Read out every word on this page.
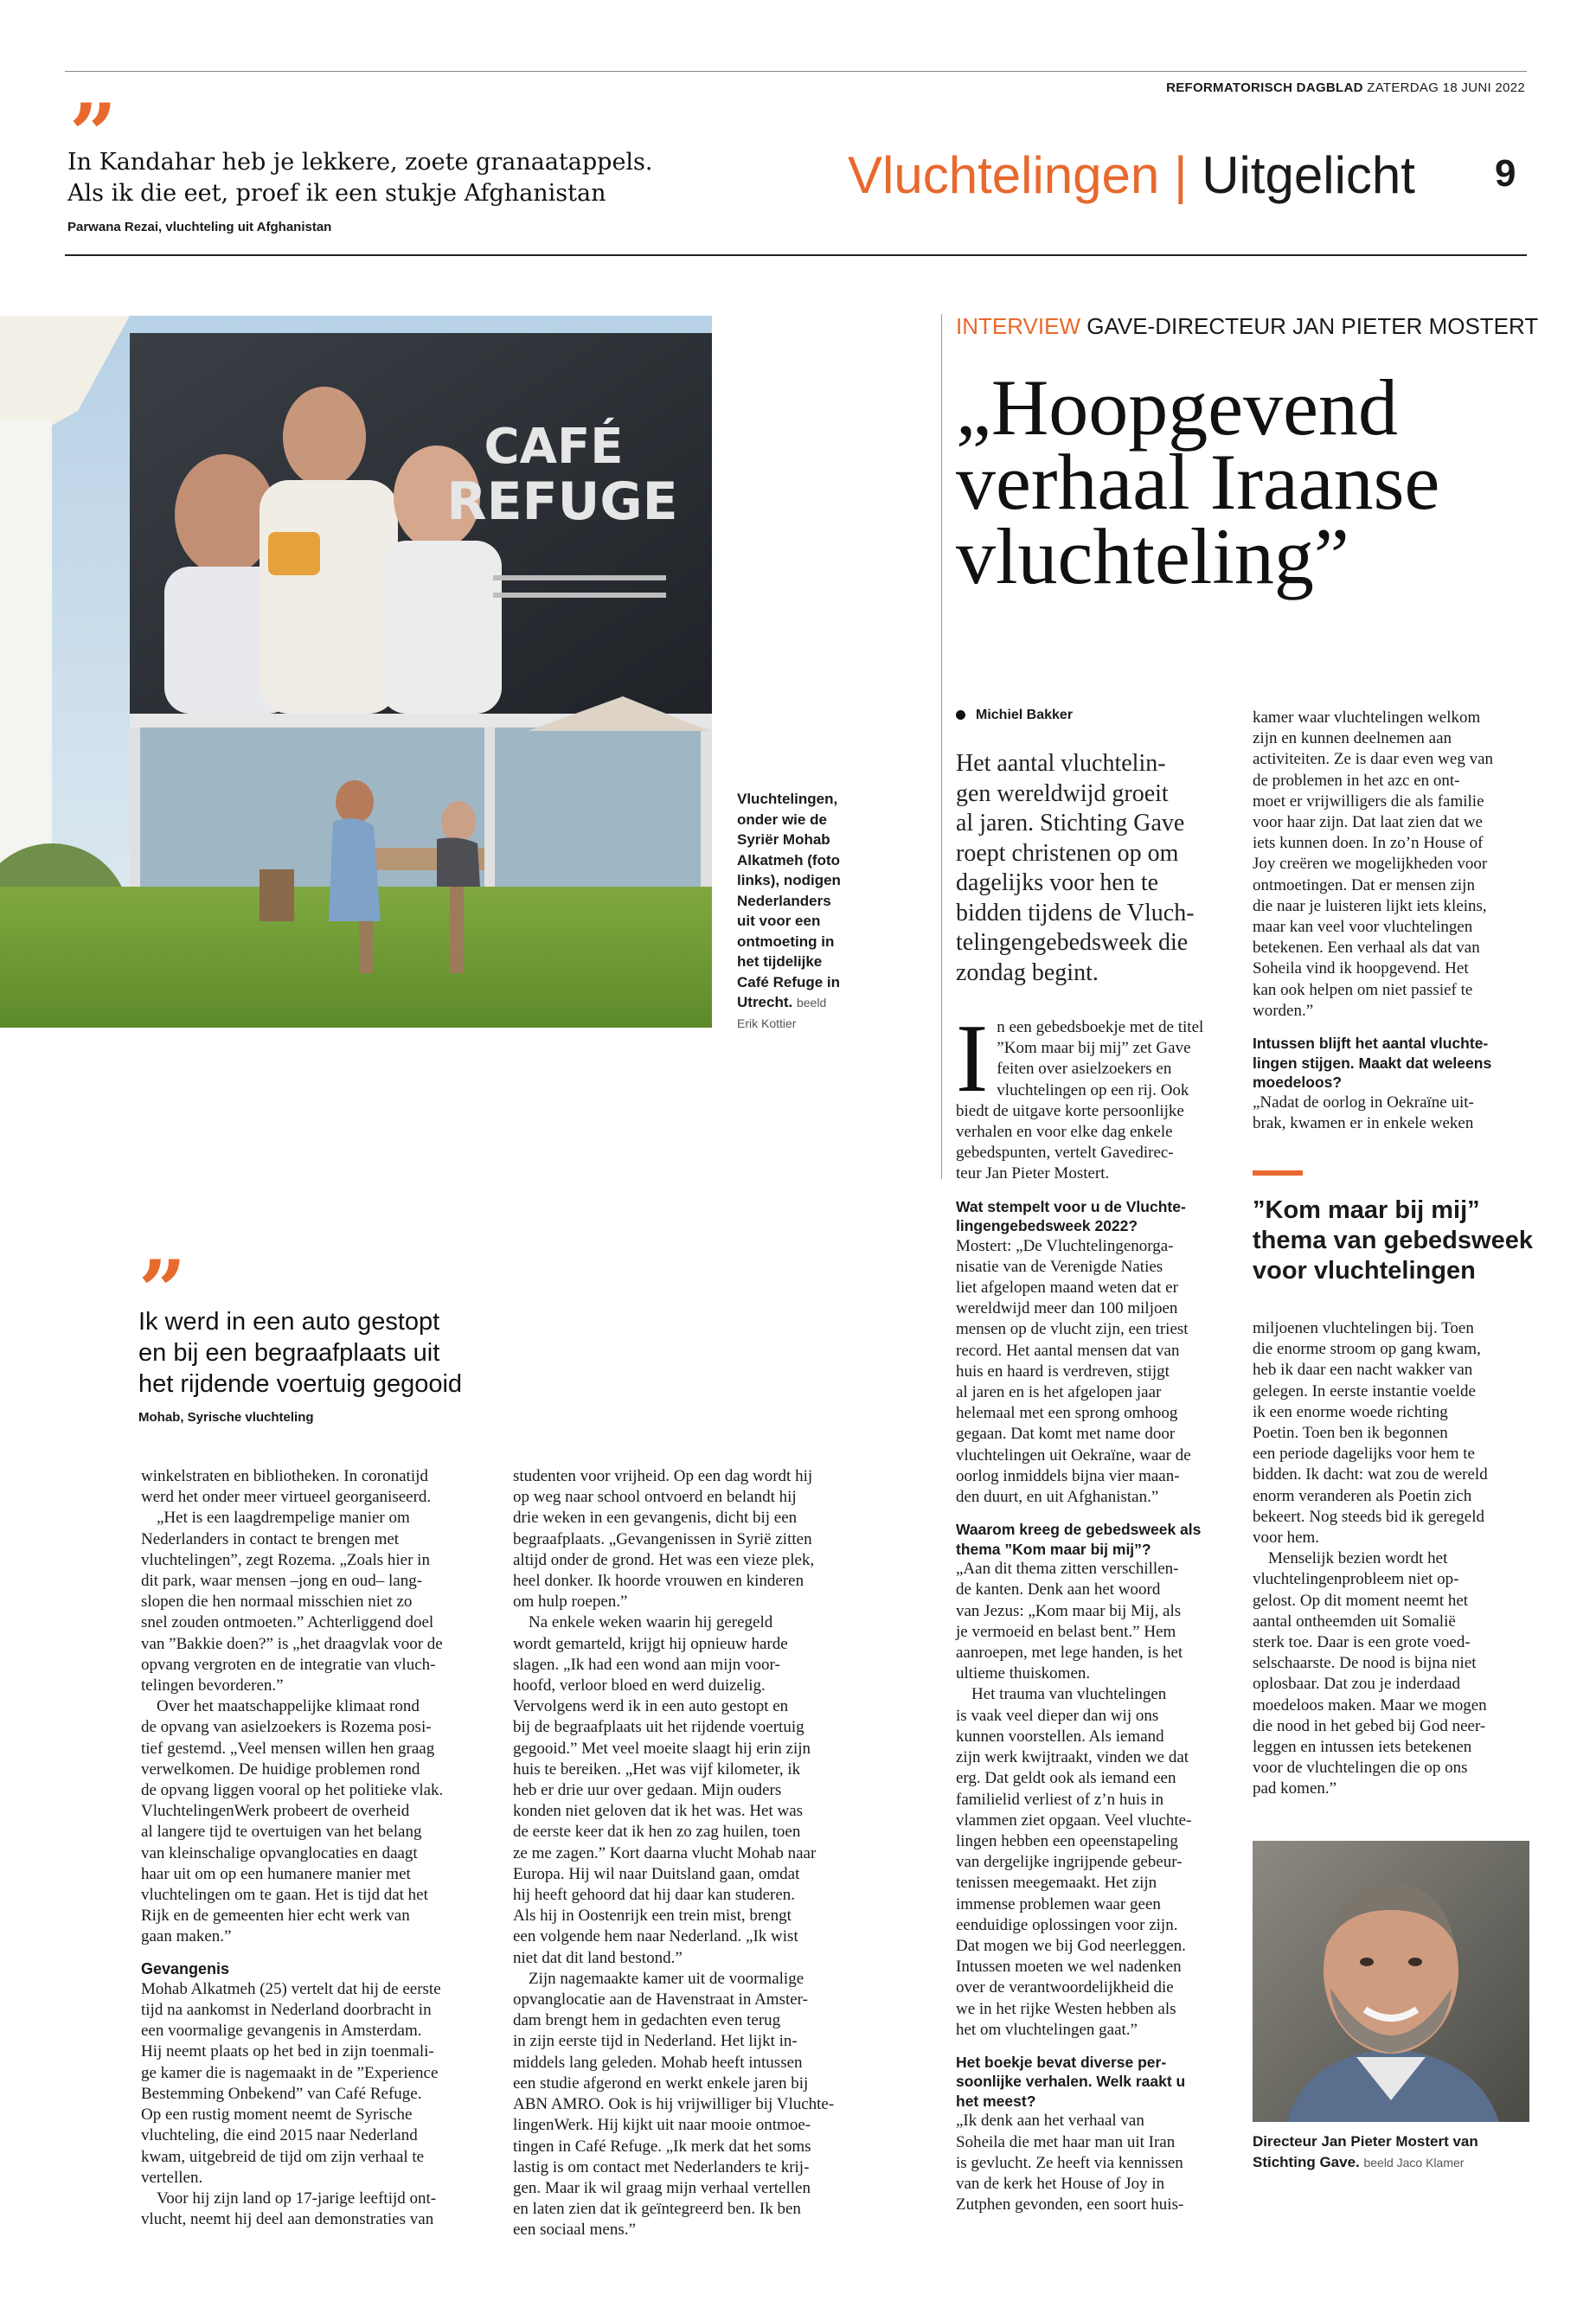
REFORMATORISCH DAGBLAD ZATERDAG 18 JUNI 2022
”
In Kandahar heb je lekkere, zoete granaatappels.
Als ik die eet, proef ik een stukje Afghanistan
Parwana Rezai, vluchteling uit Afghanistan
Vluchtelingen | Uitgelicht 9
CAFÉ
REFUGE
Vluchtelingen,
onder wie de
Syriër Mohab
Alkatmeh (foto
links), nodigen
Nederlanders
uit voor een
ontmoeting in
het tijdelijke
Café Refuge in
Utrecht. beeld
Erik Kottier
INTERVIEW GAVE-DIRECTEUR JAN PIETER MOSTERT
„Hoopgevend
verhaal Iraanse
vluchteling”
Michiel Bakker
Het aantal vluchtelin-
gen wereldwijd groeit
al jaren. Stichting Gave
roept christenen op om
dagelijks voor hen te
bidden tijdens de Vluch-
telingengebedsweek die
zondag begint.
I n een gebedsboekje met de titel
”Kom maar bij mij” zet Gave
feiten over asielzoekers en
vluchtelingen op een rij. Ook
biedt de uitgave korte persoonlijke
verhalen en voor elke dag enkele
gebedspunten, vertelt Gavedirec-
teur Jan Pieter Mostert.
Wat stempelt voor u de Vluchte-
lingengebedsweek 2022?
Mostert: „De Vluchtelingenorga-
nisatie van de Verenigde Naties
liet afgelopen maand weten dat er
wereldwijd meer dan 100 miljoen
mensen op de vlucht zijn, een triest
record. Het aantal mensen dat van
huis en haard is verdreven, stijgt
al jaren en is het afgelopen jaar
helemaal met een sprong omhoog
gegaan. Dat komt met name door
vluchtelingen uit Oekraïne, waar de
oorlog inmiddels bijna vier maan-
den duurt, en uit Afghanistan.”
Waarom kreeg de gebedsweek als
thema ”Kom maar bij mij”?
„Aan dit thema zitten verschillen-
de kanten. Denk aan het woord
van Jezus: „Kom maar bij Mij, als
je vermoeid en belast bent.” Hem
aanroepen, met lege handen, is het
ultieme thuiskomen.
Het trauma van vluchtelingen
is vaak veel dieper dan wij ons
kunnen voorstellen. Als iemand
zijn werk kwijtraakt, vinden we dat
erg. Dat geldt ook als iemand een
familielid verliest of z’n huis in
vlammen ziet opgaan. Veel vluchte-
lingen hebben een opeenstapeling
van dergelijke ingrijpende gebeur-
tenissen meegemaakt. Het zijn
immense problemen waar geen
eenduidige oplossingen voor zijn.
Dat mogen we bij God neerleggen.
Intussen moeten we wel nadenken
over de verantwoordelijkheid die
we in het rijke Westen hebben als
het om vluchtelingen gaat.”
Het boekje bevat diverse per-
soonlijke verhalen. Welk raakt u
het meest?
„Ik denk aan het verhaal van
Soheila die met haar man uit Iran
is gevlucht. Ze heeft via kennissen
van de kerk het House of Joy in
Zutphen gevonden, een soort huis-
kamer waar vluchtelingen welkom
zijn en kunnen deelnemen aan
activiteiten. Ze is daar even weg van
de problemen in het azc en ont-
moet er vrijwilligers die als familie
voor haar zijn. Dat laat zien dat we
iets kunnen doen. In zo’n House of
Joy creëren we mogelijkheden voor
ontmoetingen. Dat er mensen zijn
die naar je luisteren lijkt iets kleins,
maar kan veel voor vluchtelingen
betekenen. Een verhaal als dat van
Soheila vind ik hoopgevend. Het
kan ook helpen om niet passief te
worden.”
Intussen blijft het aantal vluchte-
lingen stijgen. Maakt dat weleens
moedeloos?
„Nadat de oorlog in Oekraïne uit-
brak, kwamen er in enkele weken
”Kom maar bij mij”
thema van gebedsweek
voor vluchtelingen
miljoenen vluchtelingen bij. Toen
die enorme stroom op gang kwam,
heb ik daar een nacht wakker van
gelegen. In eerste instantie voelde
ik een enorme woede richting
Poetin. Toen ben ik begonnen
een periode dagelijks voor hem te
bidden. Ik dacht: wat zou de wereld
enorm veranderen als Poetin zich
bekeert. Nog steeds bid ik geregeld
voor hem.
Menselijk bezien wordt het
vluchtelingenprobleem niet op-
gelost. Op dit moment neemt het
aantal ontheemden uit Somalië
sterk toe. Daar is een grote voed-
selschaarste. De nood is bijna niet
oplosbaar. Dat zou je inderdaad
moedeloos maken. Maar we mogen
die nood in het gebed bij God neer-
leggen en intussen iets betekenen
voor de vluchtelingen die op ons
pad komen.”
Directeur Jan Pieter Mostert van Stichting Gave. beeld Jaco Klamer
”
Ik werd in een auto gestopt
en bij een begraafplaats uit
het rijdende voertuig gegooid
Mohab, Syrische vluchteling
winkelstraten en bibliotheken. In coronatijd
werd het onder meer virtueel georganiseerd.
„Het is een laagdrempelige manier om
Nederlanders in contact te brengen met
vluchtelingen”, zegt Rozema. „Zoals hier in
dit park, waar mensen –jong en oud– lang-
slopen die hen normaal misschien niet zo
snel zouden ontmoeten.” Achterliggend doel
van ”Bakkie doen?” is „het draagvlak voor de
opvang vergroten en de integratie van vluch-
telingen bevorderen.”
Over het maatschappelijke klimaat rond
de opvang van asielzoekers is Rozema posi-
tief gestemd. „Veel mensen willen hen graag
verwelkomen. De huidige problemen rond
de opvang liggen vooral op het politieke vlak.
VluchtelingenWerk probeert de overheid
al langere tijd te overtuigen van het belang
van kleinschalige opvanglocaties en daagt
haar uit om op een humanere manier met
vluchtelingen om te gaan. Het is tijd dat het
Rijk en de gemeenten hier echt werk van
gaan maken.”
Gevangenis
Mohab Alkatmeh (25) vertelt dat hij de eerste
tijd na aankomst in Nederland doorbracht in
een voormalige gevangenis in Amsterdam.
Hij neemt plaats op het bed in zijn toenmali-
ge kamer die is nagemaakt in de ”Experience
Bestemming Onbekend” van Café Refuge.
Op een rustig moment neemt de Syrische
vluchteling, die eind 2015 naar Nederland
kwam, uitgebreid de tijd om zijn verhaal te
vertellen.
Voor hij zijn land op 17-jarige leeftijd ont-
vlucht, neemt hij deel aan demonstraties van
studenten voor vrijheid. Op een dag wordt hij
op weg naar school ontvoerd en belandt hij
drie weken in een gevangenis, dicht bij een
begraafplaats. „Gevangenissen in Syrië zitten
altijd onder de grond. Het was een vieze plek,
heel donker. Ik hoorde vrouwen en kinderen
om hulp roepen.”
Na enkele weken waarin hij geregeld
wordt gemarteld, krijgt hij opnieuw harde
slagen. „Ik had een wond aan mijn voor-
hoofd, verloor bloed en werd duizelig.
Vervolgens werd ik in een auto gestopt en
bij de begraafplaats uit het rijdende voertuig
gegooid.” Met veel moeite slaagt hij erin zijn
huis te bereiken. „Het was vijf kilometer, ik
heb er drie uur over gedaan. Mijn ouders
konden niet geloven dat ik het was. Het was
de eerste keer dat ik hen zo zag huilen, toen
ze me zagen.” Kort daarna vlucht Mohab naar
Europa. Hij wil naar Duitsland gaan, omdat
hij heeft gehoord dat hij daar kan studeren.
Als hij in Oostenrijk een trein mist, brengt
een volgende hem naar Nederland. „Ik wist
niet dat dit land bestond.”
Zijn nagemaakte kamer uit de voormalige
opvanglocatie aan de Havenstraat in Amster-
dam brengt hem in gedachten even terug
in zijn eerste tijd in Nederland. Het lijkt in-
middels lang geleden. Mohab heeft intussen
een studie afgerond en werkt enkele jaren bij
ABN AMRO. Ook is hij vrijwilliger bij Vluchte-
lingenWerk. Hij kijkt uit naar mooie ontmoe-
tingen in Café Refuge. „Ik merk dat het soms
lastig is om contact met Nederlanders te krij-
gen. Maar ik wil graag mijn verhaal vertellen
en laten zien dat ik geïntegreerd ben. Ik ben
een sociaal mens.”
